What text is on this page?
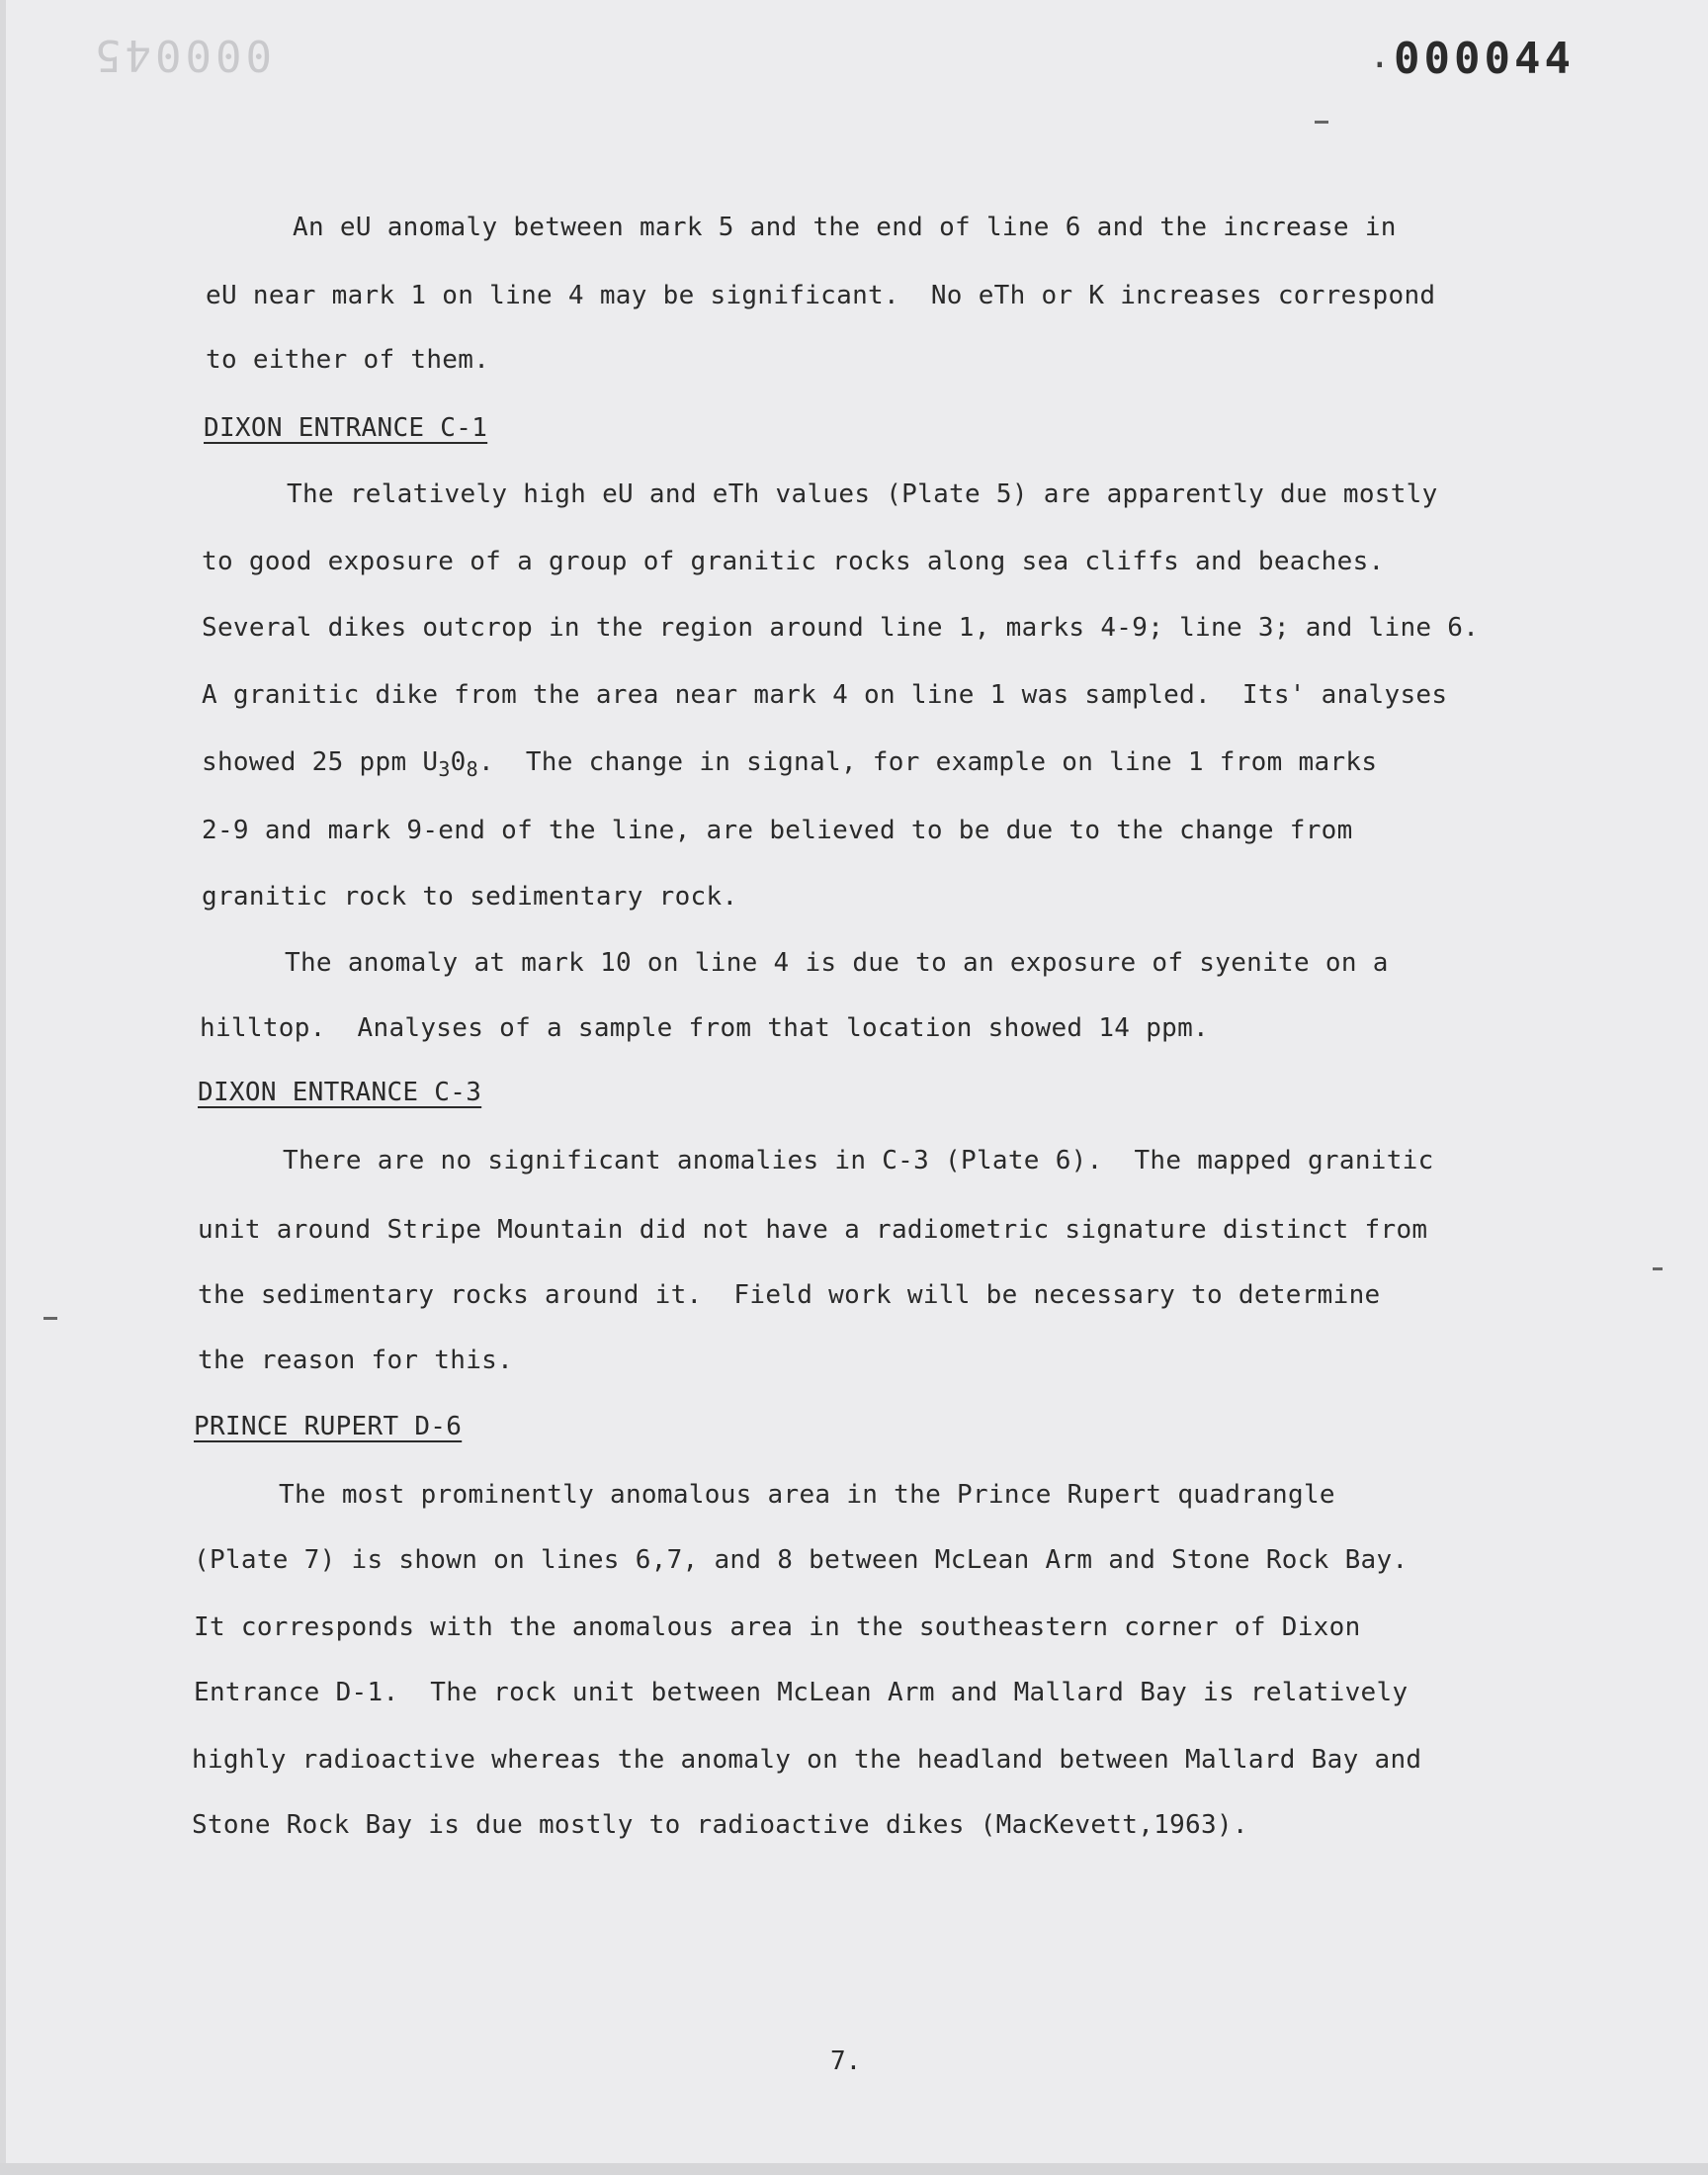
000045	. 000044
An eU anomaly between mark 5 and the end of line 6 and the increase in
eU near mark 1 on line 4 may be significant.  No eTh or K increases correspond
to either of them.
DIXON ENTRANCE C-1
The relatively high eU and eTh values (Plate 5) are apparently due mostly
to good exposure of a group of granitic rocks along sea cliffs and beaches.
Several dikes outcrop in the region around line 1, marks 4-9; line 3; and line 6.
A granitic dike from the area near mark 4 on line 1 was sampled.  Its' analyses
showed 25 ppm $U_30_8$.  The change in signal, for example on line 1 from marks
2-9 and mark 9-end of the line, are believed to be due to the change from
granitic rock to sedimentary rock.
The anomaly at mark 10 on line 4 is due to an exposure of syenite on a
hilltop.  Analyses of a sample from that location showed 14 ppm.
DIXON ENTRANCE C-3
There are no significant anomalies in C-3 (Plate 6).  The mapped granitic
unit around Stripe Mountain did not have a radiometric signature distinct from
the sedimentary rocks around it.  Field work will be necessary to determine
the reason for this.
PRINCE RUPERT D-6
The most prominently anomalous area in the Prince Rupert quadrangle
(Plate 7) is shown on lines 6,7, and 8 between McLean Arm and Stone Rock Bay.
It corresponds with the anomalous area in the southeastern corner of Dixon
Entrance D-1.  The rock unit between McLean Arm and Mallard Bay is relatively
highly radioactive whereas the anomaly on the headland between Mallard Bay and
Stone Rock Bay is due mostly to radioactive dikes (MacKevett,1963).
7.
